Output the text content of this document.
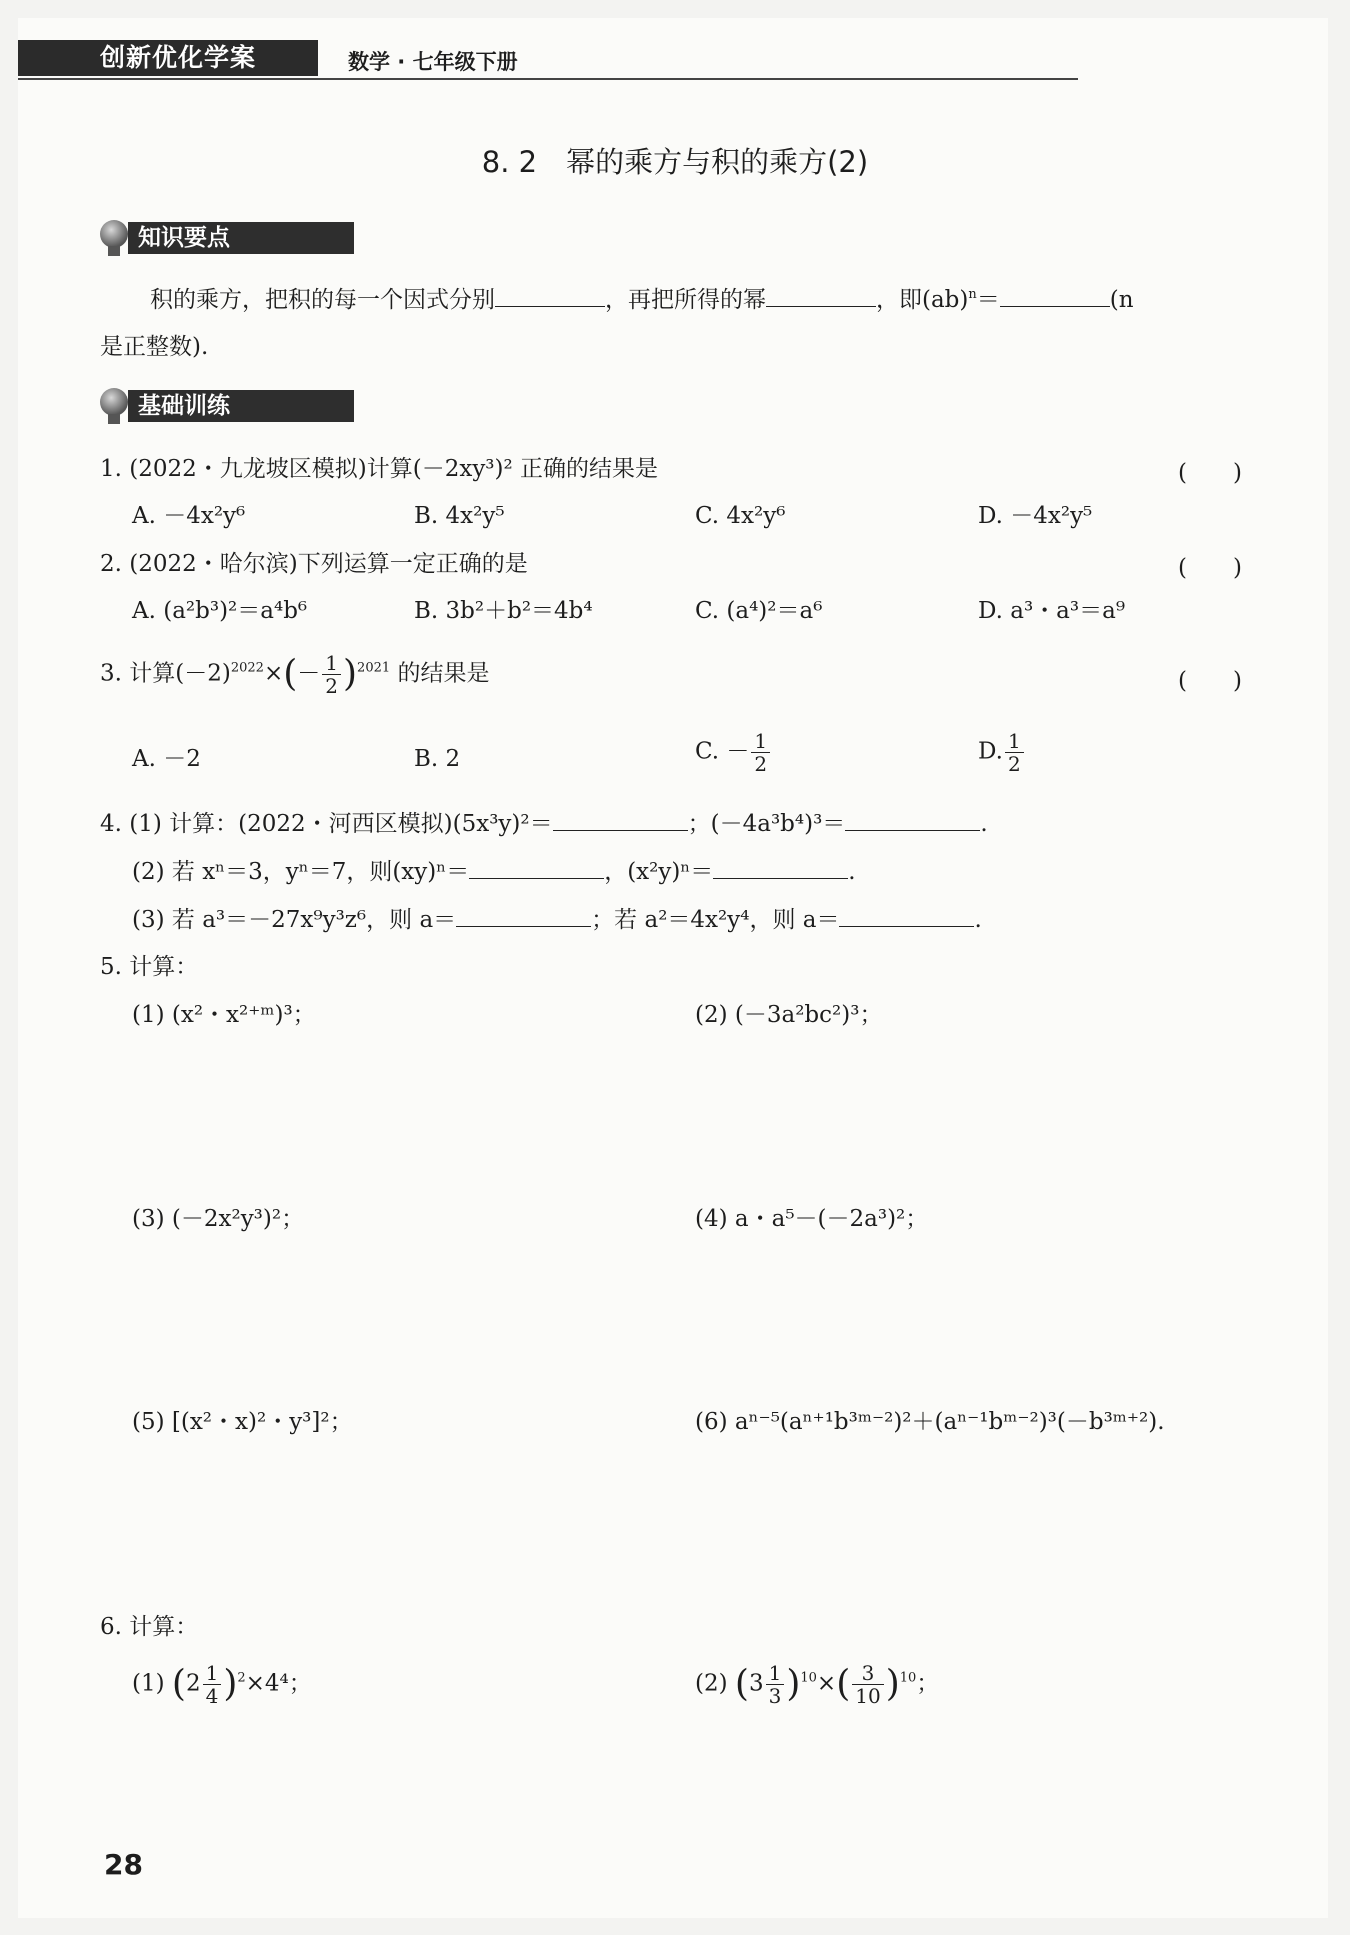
创新优化学案	数学 · 七年级下册
8. 2　幂的乘方与积的乘方(2)
知识要点
积的乘方，把积的每一个因式分别	，再把所得的幂	，即(ab)$^n$＝	(n
是正整数).
基础训练
1. (2022・九龙坡区模拟)计算(－2xy³)² 正确的结果是	(　　)
A. －4x²y⁶	B. 4x²y⁵	C. 4x²y⁶	D. －4x²y⁵
2. (2022・哈尔滨)下列运算一定正确的是	(　　)
A. (a²b³)²＝a⁴b⁶	B. 3b²＋b²＝4b⁴	C. (a⁴)²＝a⁶	D. a³・a³＝a⁹
3. 计算$(-2)^{2022}\times(- \frac{1}{2} )^{2021}$ 的结果是	(　　)
A. －2	B. 2	C. － $\frac{1}{2}$	D. $\frac{1}{2}$
4. (1) 计算：(2022・河西区模拟)(5x³y)²＝	；(－4a³b⁴)³＝	.
(2) 若 xⁿ＝3，yⁿ＝7，则(xy)ⁿ＝	，(x²y)ⁿ＝	.
(3) 若 a³＝－27x⁹y³z⁶，则 a＝	；若 a²＝4x²y⁴，则 a＝	.
5. 计算：
(1) (x²・x²⁺ᵐ)³；	(2) (－3a²bc²)³；
(3) (－2x²y³)²；	(4) a・a⁵－(－2a³)²；
(5) [(x²・x)²・y³]²；	(6) aⁿ⁻⁵(aⁿ⁺¹b³ᵐ⁻²)²＋(aⁿ⁻¹bᵐ⁻²)³(－b³ᵐ⁺²).
6. 计算：
(1) $(2 \frac{1}{4} )^2\times 4^4$；	(2) $(3 \frac{1}{3} )^{10}\times( \frac{3}{10} )^{10}$；
28
